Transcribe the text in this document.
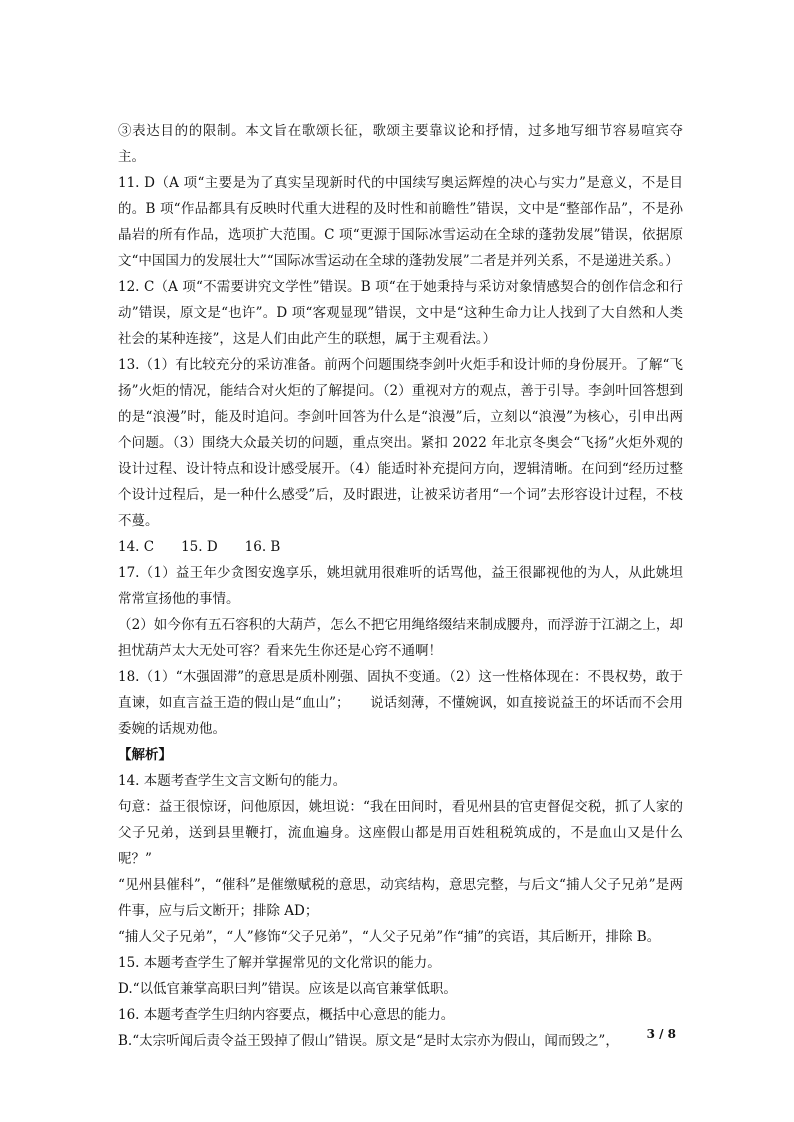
③表达目的的限制。本文旨在歌颂长征，歌颂主要靠议论和抒情，过多地写细节容易喧宾夺主。

11. D（A 项“主要是为了真实呈现新时代的中国续写奥运辉煌的决心与实力”是意义，不是目的。B 项“作品都具有反映时代重大进程的及时性和前瞻性”错误，文中是“整部作品”，不是孙晶岩的所有作品，选项扩大范围。C 项“更源于国际冰雪运动在全球的蓬勃发展”错误，依据原文“中国国力的发展壮大”“国际冰雪运动在全球的蓬勃发展”二者是并列关系，不是递进关系。）

12. C（A 项“不需要讲究文学性”错误。B 项“在于她秉持与采访对象情感契合的创作信念和行动”错误，原文是“也许”。D 项“客观显现”错误，文中是“这种生命力让人找到了大自然和人类社会的某种连接”，这是人们由此产生的联想，属于主观看法。）

13.（1）有比较充分的采访准备。前两个问题围绕李剑叶火炬手和设计师的身份展开。了解“飞扬”火炬的情况，能结合对火炬的了解提问。（2）重视对方的观点，善于引导。李剑叶回答想到的是“浪漫”时，能及时追问。李剑叶回答为什么是“浪漫”后，立刻以“浪漫”为核心，引申出两个问题。（3）围绕大众最关切的问题，重点突出。紧扣 2022 年北京冬奥会“飞扬”火炬外观的设计过程、设计特点和设计感受展开。（4）能适时补充提问方向，逻辑清晰。在问到“经历过整个设计过程后，是一种什么感受”后，及时跟进，让被采访者用“一个词”去形容设计过程，不枝不蔓。

14. C　　15. D　　16. B

17.（1）益王年少贪图安逸享乐，姚坦就用很难听的话骂他，益王很鄙视他的为人，从此姚坦常常宣扬他的事情。

（2）如今你有五石容积的大葫芦，怎么不把它用绳络缀结来制成腰舟，而浮游于江湖之上，却担忧葫芦太大无处可容？看来先生你还是心窍不通啊！

18.（1）“木强固滞”的意思是质朴刚强、固执不变通。（2）这一性格体现在：不畏权势，敢于直谏，如直言益王造的假山是“血山”；　　说话刻薄，不懂婉讽，如直接说益王的坏话而不会用委婉的话规劝他。

【解析】

14. 本题考查学生文言文断句的能力。

句意：益王很惊讶，问他原因，姚坦说：“我在田间时，看见州县的官吏督促交税，抓了人家的父子兄弟，送到县里鞭打，流血遍身。这座假山都是用百姓租税筑成的，不是血山又是什么呢？”

“见州县催科”，“催科”是催缴赋税的意思，动宾结构，意思完整，与后文“捕人父子兄弟”是两件事，应与后文断开；排除 AD；

“捕人父子兄弟”，“人”修饰“父子兄弟”，“人父子兄弟”作“捕”的宾语，其后断开，排除 B。

15. 本题考查学生了解并掌握常见的文化常识的能力。

D.“以低官兼掌高职曰判”错误。应该是以高官兼掌低职。

16. 本题考查学生归纳内容要点，概括中心意思的能力。

B.“太宗听闻后责令益王毁掉了假山”错误。原文是“是时太宗亦为假山，闻而毁之”，	3 / 8
